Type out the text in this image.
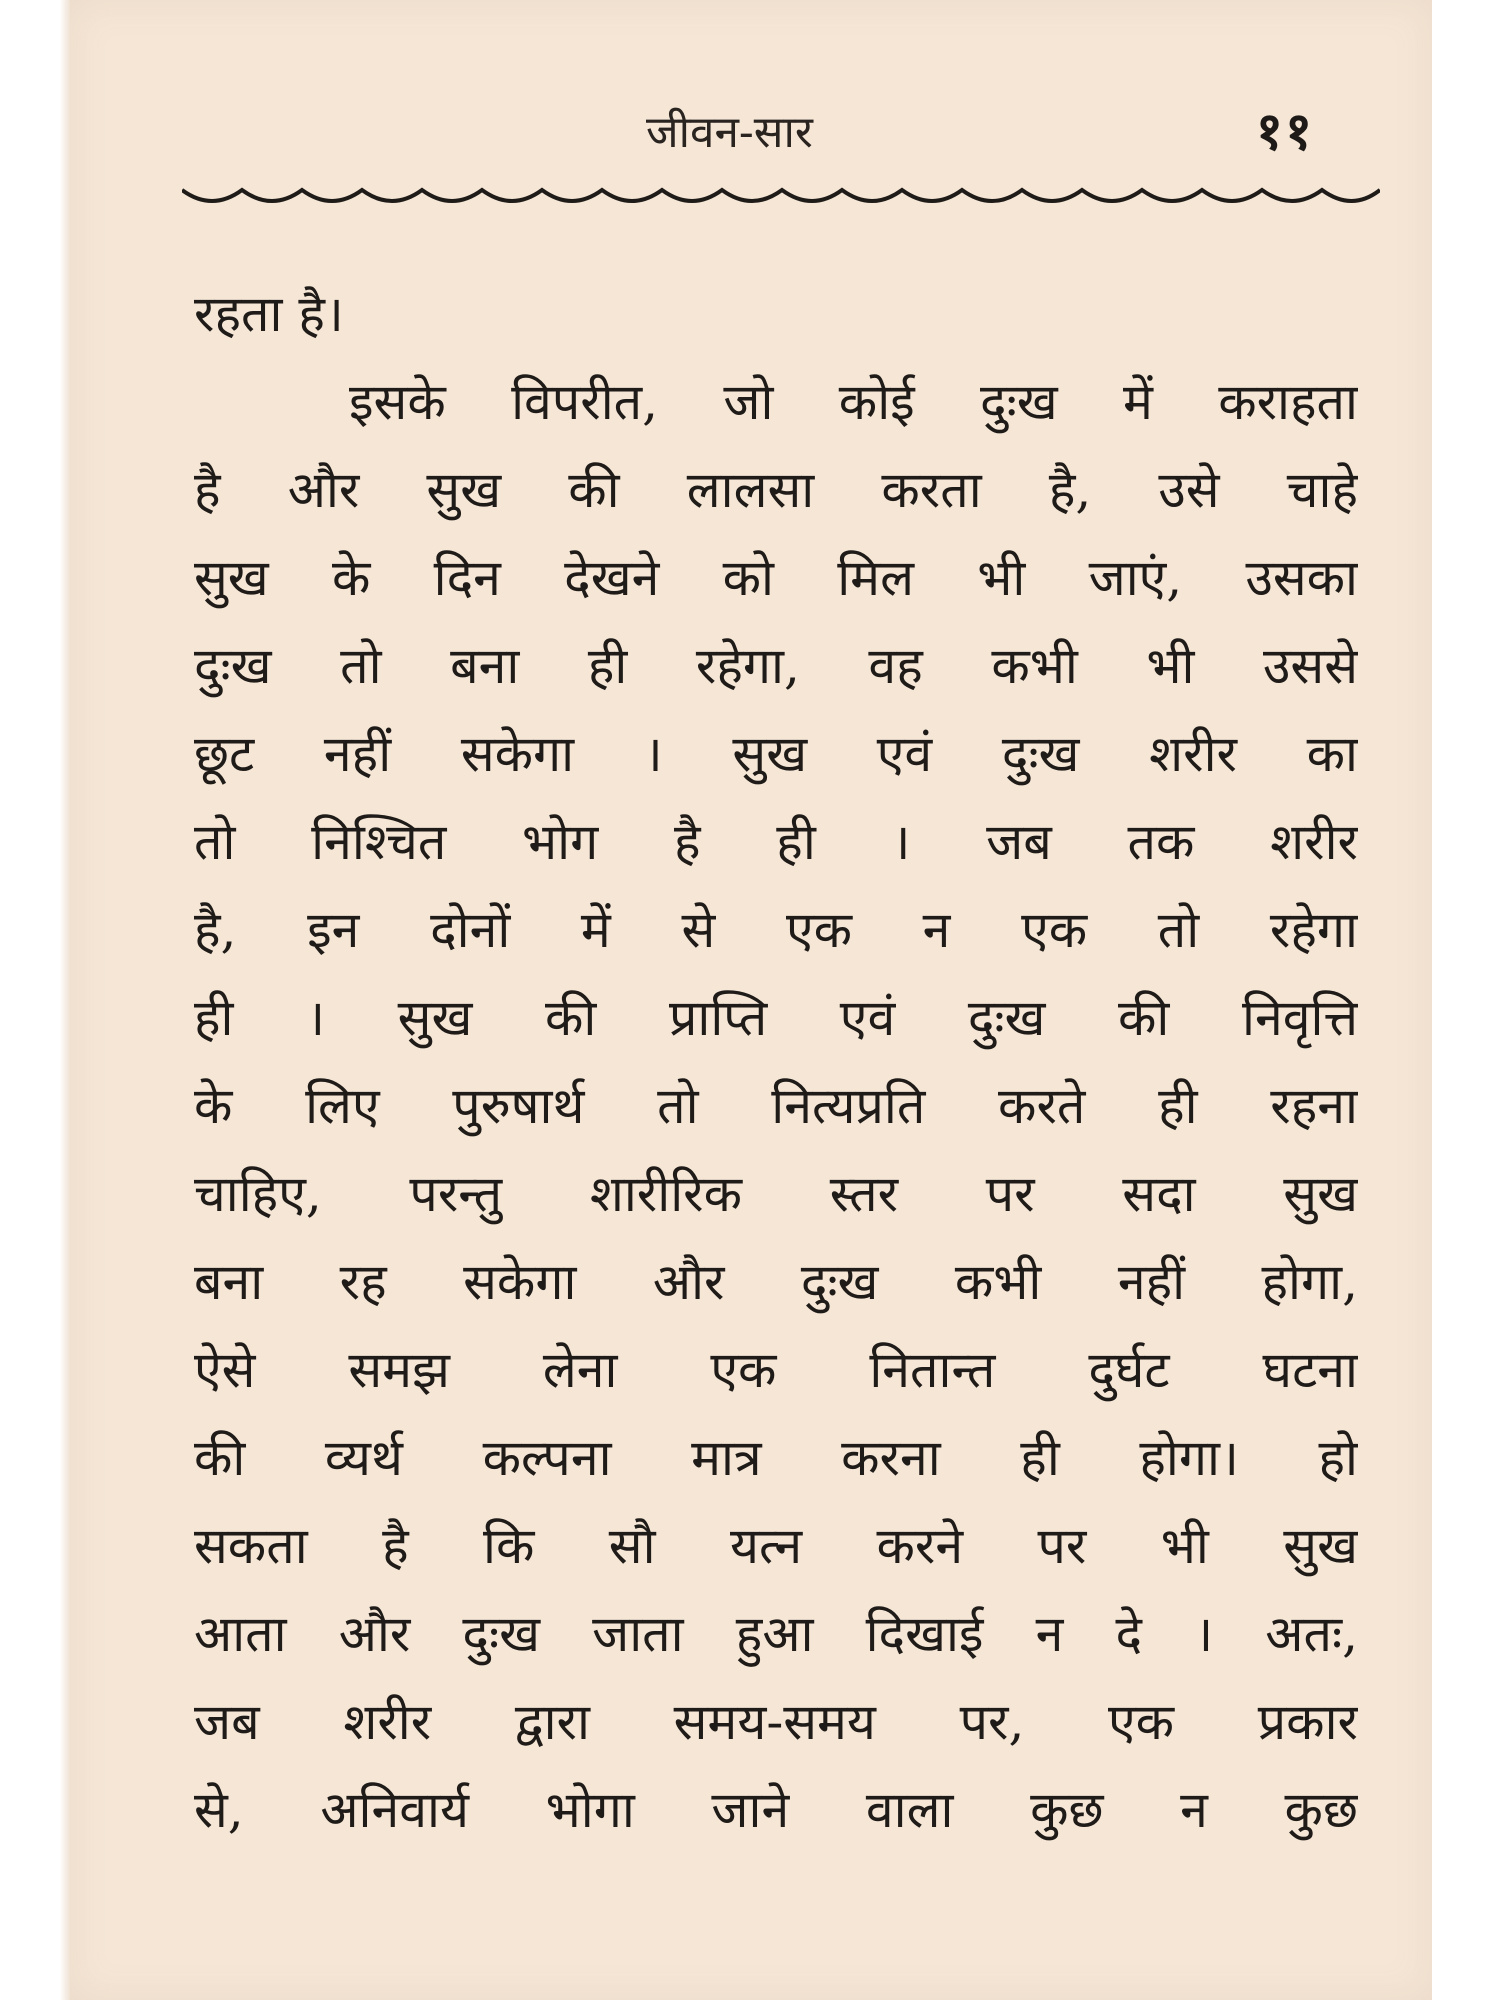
जीवन-सार	११
रहता है।
इसके विपरीत, जो कोई दुःख में कराहता
है और सुख की लालसा करता है, उसे चाहे
सुख के दिन देखने को मिल भी जाएं, उसका
दुःख तो बना ही रहेगा, वह कभी भी उससे
छूट नहीं सकेगा । सुख एवं दुःख शरीर का
तो निश्चित भोग है ही । जब तक शरीर
है, इन दोनों में से एक न एक तो रहेगा
ही । सुख की प्राप्ति एवं दुःख की निवृत्ति
के लिए पुरुषार्थ तो नित्यप्रति करते ही रहना
चाहिए, परन्तु शारीरिक स्तर पर सदा सुख
बना रह सकेगा और दुःख कभी नहीं होगा,
ऐसे समझ लेना एक नितान्त दुर्घट घटना
की व्यर्थ कल्पना मात्र करना ही होगा। हो
सकता है कि सौ यत्न करने पर भी सुख
आता और दुःख जाता हुआ दिखाई न दे । अतः,
जब शरीर द्वारा समय-समय पर, एक प्रकार
से, अनिवार्य भोगा जाने वाला कुछ न कुछ
